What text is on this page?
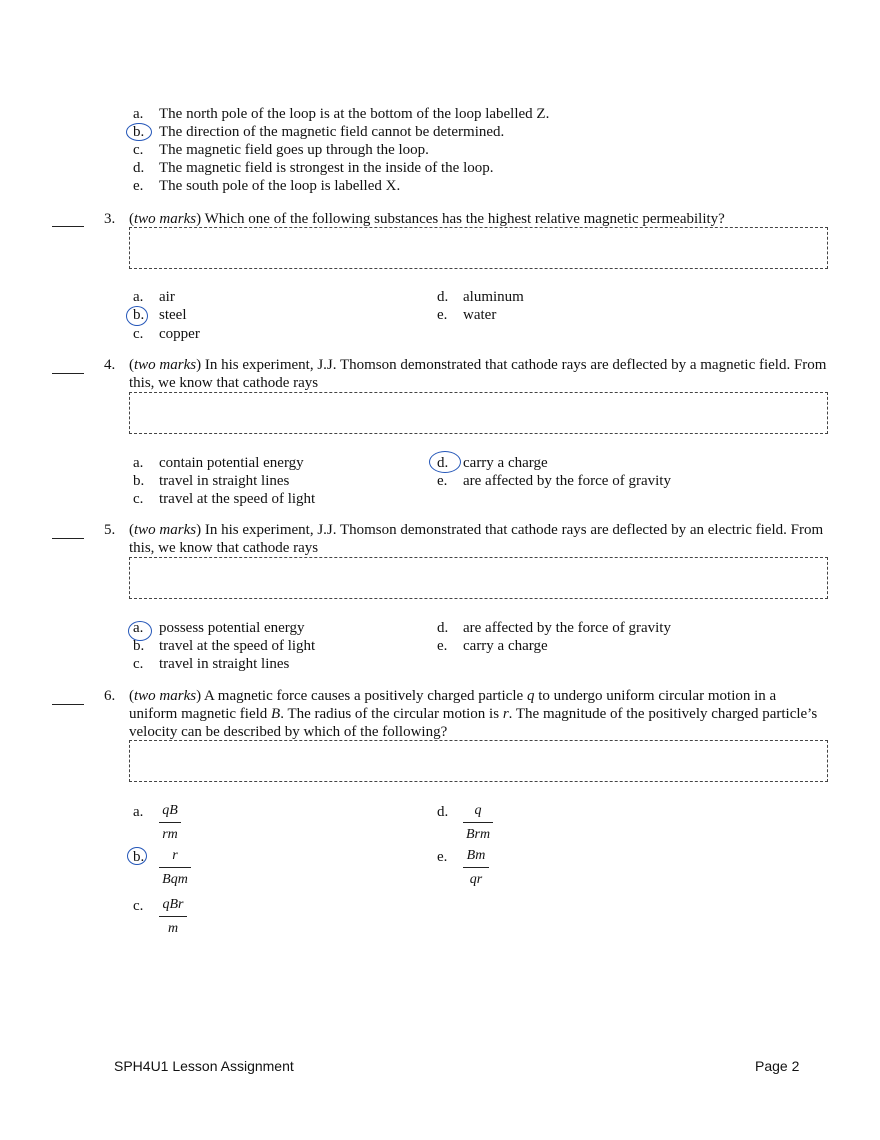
a.	The north pole of the loop is at the bottom of the loop labelled Z.
b. The direction of the magnetic field cannot be determined.
c.	The magnetic field goes up through the loop.
d. The magnetic field is strongest in the inside of the loop.
e.	The south pole of the loop is labelled X.
3. (two marks) Which one of the following substances has the highest relative magnetic permeability?
a.	air
b. steel
c.	copper
d. aluminum
e.	water
4. (two marks) In his experiment, J.J. Thomson demonstrated that cathode rays are deflected by a magnetic field. From this, we know that cathode rays
a.	contain potential energy
b. travel in straight lines
c.	travel at the speed of light
d. carry a charge
e.	are affected by the force of gravity
5. (two marks) In his experiment, J.J. Thomson demonstrated that cathode rays are deflected by an electric field. From this, we know that cathode rays
a.	possess potential energy
b. travel at the speed of light
c.	travel in straight lines
d. are affected by the force of gravity
e.	carry a charge
6. (two marks) A magnetic force causes a positively charged particle q to undergo uniform circular motion in a uniform magnetic field B. The radius of the circular motion is r. The magnitude of the positively charged particle’s velocity can be described by which of the following?
a.	qB
rm
b.	r
Bqm
c.	qBr
m
d.	q
Brm
e.	Bm
qr
SPH4U1 Lesson Assignment	Page 2
